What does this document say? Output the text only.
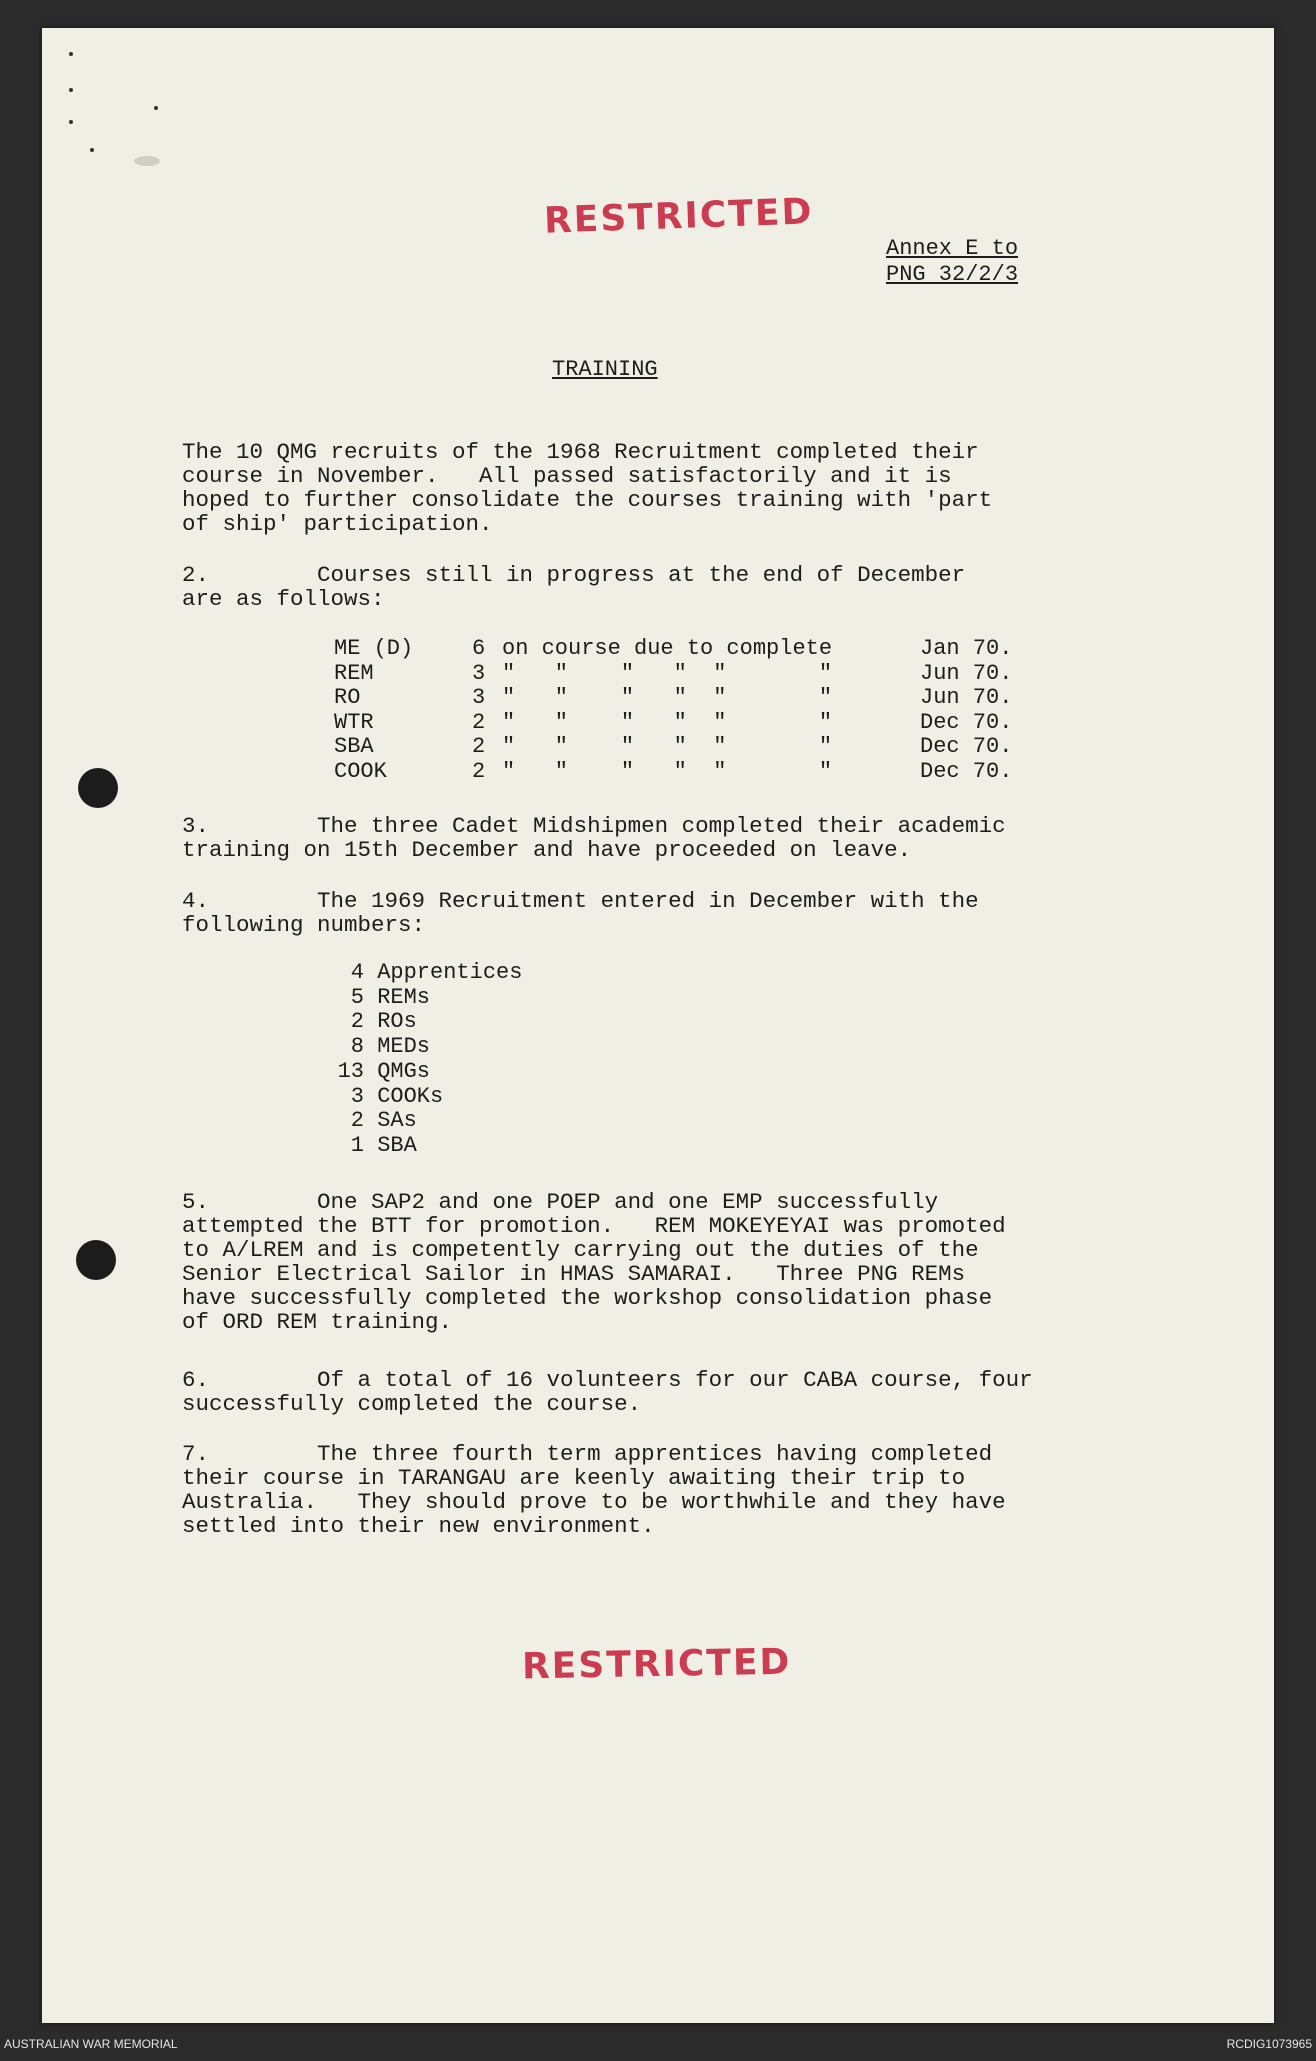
RESTRICTED
Annex E to
PNG 32/2/3
TRAINING
The 10 QMG recruits of the 1968 Recruitment completed their
course in November.   All passed satisfactorily and it is
hoped to further consolidate the courses training with 'part
of ship' participation.
2.        Courses still in progress at the end of December
are as follows:
ME (D)	6	on course due to complete	Jan 70.
REM	3	"   "    "   "  "       "	Jun 70.
RO	3	"   "    "   "  "       "	Jun 70.
WTR	2	"   "    "   "  "       "	Dec 70.
SBA	2	"   "    "   "  "       "	Dec 70.
COOK	2	"   "    "   "  "       "	Dec 70.
3.        The three Cadet Midshipmen completed their academic
training on 15th December and have proceeded on leave.
4.        The 1969 Recruitment entered in December with the
following numbers:
4 Apprentices
5 REMs
2 ROs
8 MEDs
13 QMGs
3 COOKs
2 SAs
1 SBA
5.        One SAP2 and one POEP and one EMP successfully
attempted the BTT for promotion.   REM MOKEYEYAI was promoted
to A/LREM and is competently carrying out the duties of the
Senior Electrical Sailor in HMAS SAMARAI.   Three PNG REMs
have successfully completed the workshop consolidation phase
of ORD REM training.
6.        Of a total of 16 volunteers for our CABA course, four
successfully completed the course.
7.        The three fourth term apprentices having completed
their course in TARANGAU are keenly awaiting their trip to
Australia.   They should prove to be worthwhile and they have
settled into their new environment.
RESTRICTED
AUSTRALIAN WAR MEMORIAL	RCDIG1073965
